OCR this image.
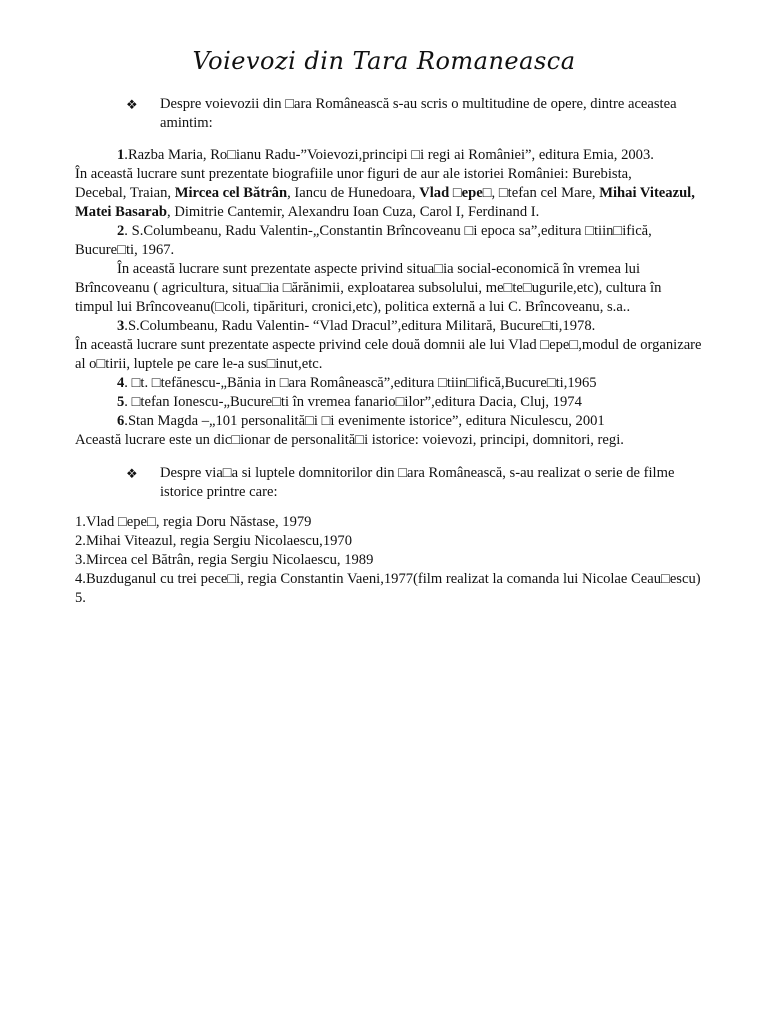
Voievozi din Tara Romaneasca
❖ Despre voievozii din □ara Românească s-au scris o multitudine de opere, dintre aceastea
amintim:
1.Razba Maria, Ro□ianu Radu-”Voievozi,principi □i regi ai României”, editura Emia, 2003.
În această lucrare sunt prezentate biografiile unor figuri de aur ale istoriei României: Burebista,
Decebal, Traian, Mircea cel Bătrân, Iancu de Hunedoara, Vlad □epe□, □tefan cel Mare, Mihai Viteazul,
Matei Basarab, Dimitrie Cantemir, Alexandru Ioan Cuza, Carol I, Ferdinand I.
2. S.Columbeanu, Radu Valentin-„Constantin Brîncoveanu □i epoca sa”,editura □tiin□ifică,
Bucure□ti, 1967.
În această lucrare sunt prezentate aspecte privind situa□ia social-economică în vremea lui
Brîncoveanu ( agricultura, situa□ia □ărănimii, exploatarea subsolului, me□te□ugurile,etc), cultura în
timpul lui Brîncoveanu(□coli, tipărituri, cronici,etc), politica externă a lui C. Brîncoveanu, s.a..
3.S.Columbeanu, Radu Valentin- “Vlad Dracul”,editura Militară, Bucure□ti,1978.
În această lucrare sunt prezentate aspecte privind cele două domnii ale lui Vlad □epe□,modul de organizare
al o□tirii, luptele pe care le-a sus□inut,etc.
4. □t. □tefănescu-„Bănia in □ara Românească”,editura □tiin□ifică,Bucure□ti,1965
5. □tefan Ionescu-„Bucure□ti în vremea fanario□ilor”,editura Dacia, Cluj, 1974
6.Stan Magda –„101 personalită□i □i evenimente istorice”, editura Niculescu, 2001
Această lucrare este un dic□ionar de personalită□i istorice: voievozi, principi, domnitori, regi.
❖ Despre via□a si luptele domnitorilor din □ara Românească, s-au realizat o serie de filme
istorice printre care:
1.Vlad □epe□, regia Doru Năstase, 1979
2.Mihai Viteazul, regia Sergiu Nicolaescu,1970
3.Mircea cel Bătrân, regia Sergiu Nicolaescu, 1989
4.Buzduganul cu trei pece□i, regia Constantin Vaeni,1977(film realizat la comanda lui Nicolae Ceau□escu)
5.
